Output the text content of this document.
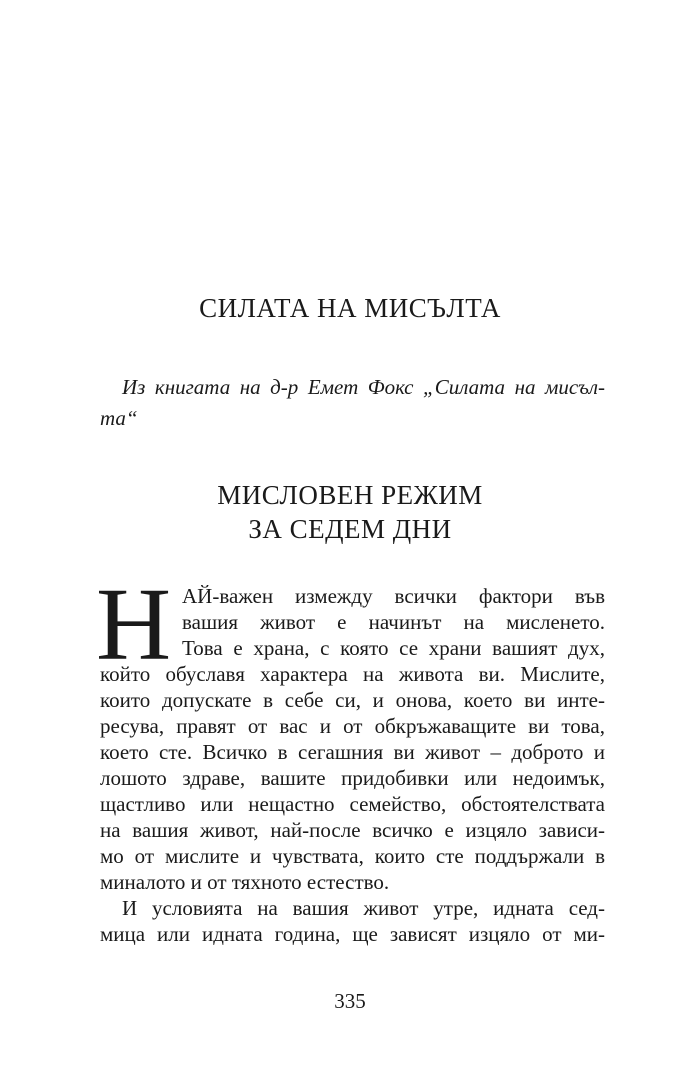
СИЛАТА НА МИСЪЛТА
Из книгата на д-р Емет Фокс „Силата на мисъл-
та“
МИСЛОВЕН РЕЖИМ
ЗА СЕДЕМ ДНИ
Н АЙ-важен измежду всички фактори във
вашия живот е начинът на мисленето.
Това е храна, с която се храни вашият дух,
който обуславя характера на живота ви. Мислите,
които допускате в себе си, и онова, което ви инте-
ресува, правят от вас и от обкръжаващите ви това,
което сте. Всичко в сегашния ви живот – доброто и
лошото здраве, вашите придобивки или недоимък,
щастливо или нещастно семейство, обстоятелствата
на вашия живот, най-после всичко е изцяло зависи-
мо от мислите и чувствата, които сте поддържали в
миналото и от тяхното естество.
И условията на вашия живот утре, идната сед-
мица или идната година, ще зависят изцяло от ми-
335
